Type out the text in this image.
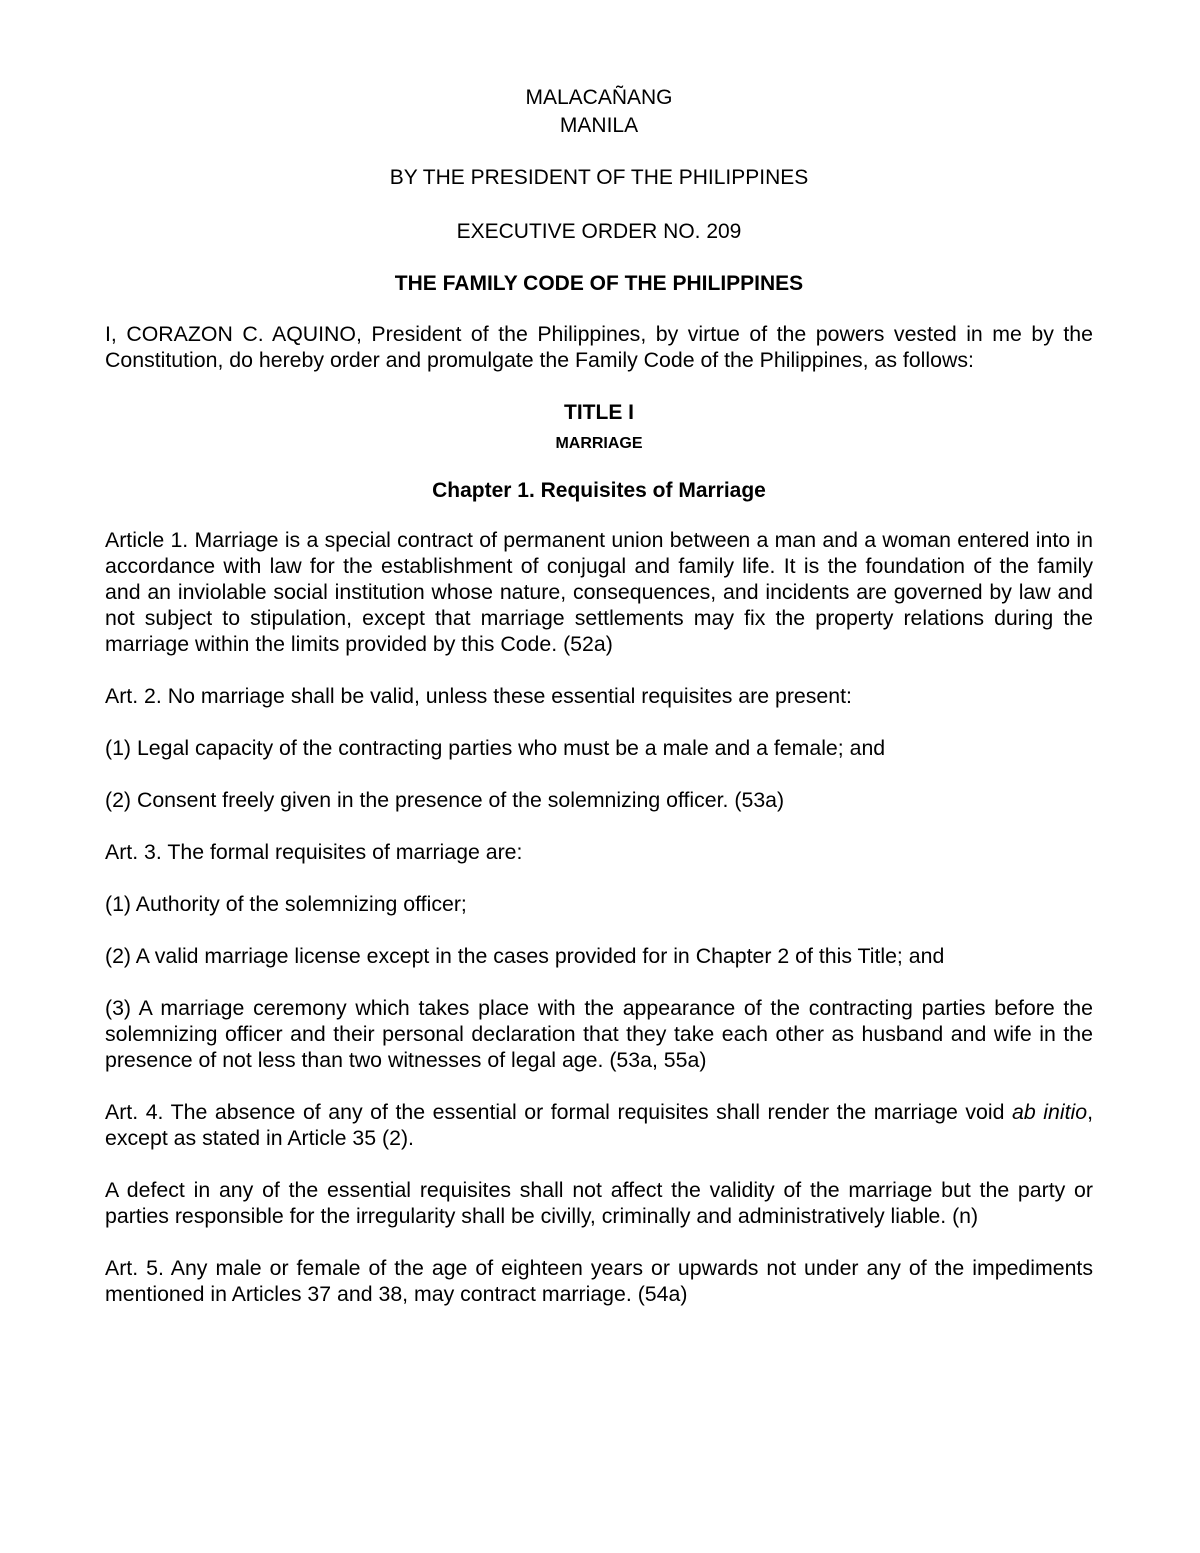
MALACAÑANG

MANILA

BY THE PRESIDENT OF THE PHILIPPINES

EXECUTIVE ORDER NO. 209

THE FAMILY CODE OF THE PHILIPPINES

I, CORAZON C. AQUINO, President of the Philippines, by virtue of the powers vested in me by the Constitution, do hereby order and promulgate the Family Code of the Philippines, as follows:

TITLE I

MARRIAGE

Chapter 1. Requisites of Marriage

Article 1. Marriage is a special contract of permanent union between a man and a woman entered into in accordance with law for the establishment of conjugal and family life. It is the foundation of the family and an inviolable social institution whose nature, consequences, and incidents are governed by law and not subject to stipulation, except that marriage settlements may fix the property relations during the marriage within the limits provided by this Code. (52a)

Art. 2. No marriage shall be valid, unless these essential requisites are present:

(1) Legal capacity of the contracting parties who must be a male and a female; and

(2) Consent freely given in the presence of the solemnizing officer. (53a)

Art. 3. The formal requisites of marriage are:

(1) Authority of the solemnizing officer;

(2) A valid marriage license except in the cases provided for in Chapter 2 of this Title; and

(3) A marriage ceremony which takes place with the appearance of the contracting parties before the solemnizing officer and their personal declaration that they take each other as husband and wife in the presence of not less than two witnesses of legal age. (53a, 55a)

Art. 4. The absence of any of the essential or formal requisites shall render the marriage void ab initio, except as stated in Article 35 (2).

A defect in any of the essential requisites shall not affect the validity of the marriage but the party or parties responsible for the irregularity shall be civilly, criminally and administratively liable. (n)

Art. 5. Any male or female of the age of eighteen years or upwards not under any of the impediments mentioned in Articles 37 and 38, may contract marriage. (54a)
